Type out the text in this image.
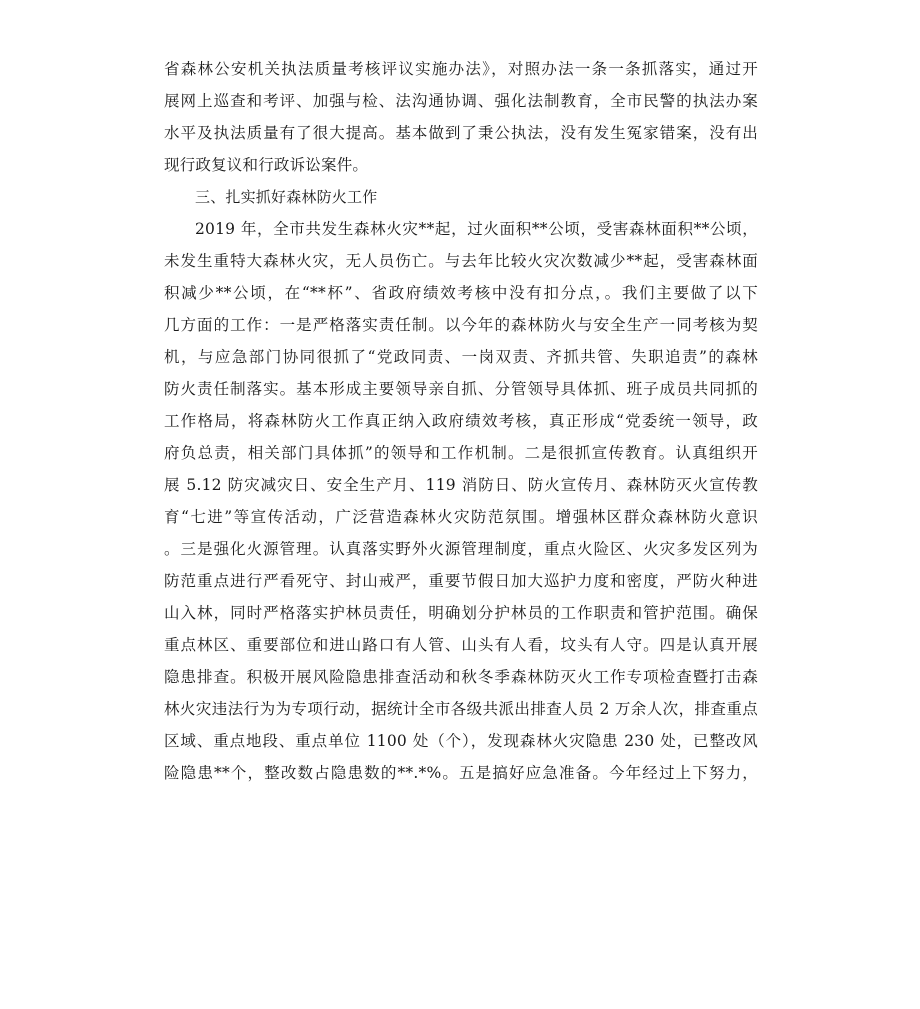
省森林公安机关执法质量考核评议实施办法》，对照办法一条一条抓落实，通过开
展网上巡查和考评、加强与检、法沟通协调、强化法制教育，全市民警的执法办案
水平及执法质量有了很大提高。基本做到了秉公执法，没有发生冤家错案，没有出
现行政复议和行政诉讼案件。
三、扎实抓好森林防火工作
2019 年，全市共发生森林火灾**起，过火面积**公顷，受害森林面积**公顷，
未发生重特大森林火灾，无人员伤亡。与去年比较火灾次数减少**起，受害森林面
积减少**公顷，在“**杯”、省政府绩效考核中没有扣分点，。我们主要做了以下
几方面的工作：一是严格落实责任制。以今年的森林防火与安全生产一同考核为契
机，与应急部门协同很抓了“党政同责、一岗双责、齐抓共管、失职追责”的森林
防火责任制落实。基本形成主要领导亲自抓、分管领导具体抓、班子成员共同抓的
工作格局，将森林防火工作真正纳入政府绩效考核，真正形成“党委统一领导，政
府负总责，相关部门具体抓”的领导和工作机制。二是很抓宣传教育。认真组织开
展 5.12 防灾减灾日、安全生产月、119 消防日、防火宣传月、森林防灭火宣传教
育“七进”等宣传活动，广泛营造森林火灾防范氛围。增强林区群众森林防火意识
。三是强化火源管理。认真落实野外火源管理制度，重点火险区、火灾多发区列为
防范重点进行严看死守、封山戒严，重要节假日加大巡护力度和密度，严防火种进
山入林，同时严格落实护林员责任，明确划分护林员的工作职责和管护范围。确保
重点林区、重要部位和进山路口有人管、山头有人看，坟头有人守。四是认真开展
隐患排查。积极开展风险隐患排查活动和秋冬季森林防灭火工作专项检查暨打击森
林火灾违法行为为专项行动，据统计全市各级共派出排查人员 2 万余人次，排查重点
区域、重点地段、重点单位 1100 处（个），发现森林火灾隐患 230 处，已整改风
险隐患**个，整改数占隐患数的**.*%。五是搞好应急准备。今年经过上下努力，
